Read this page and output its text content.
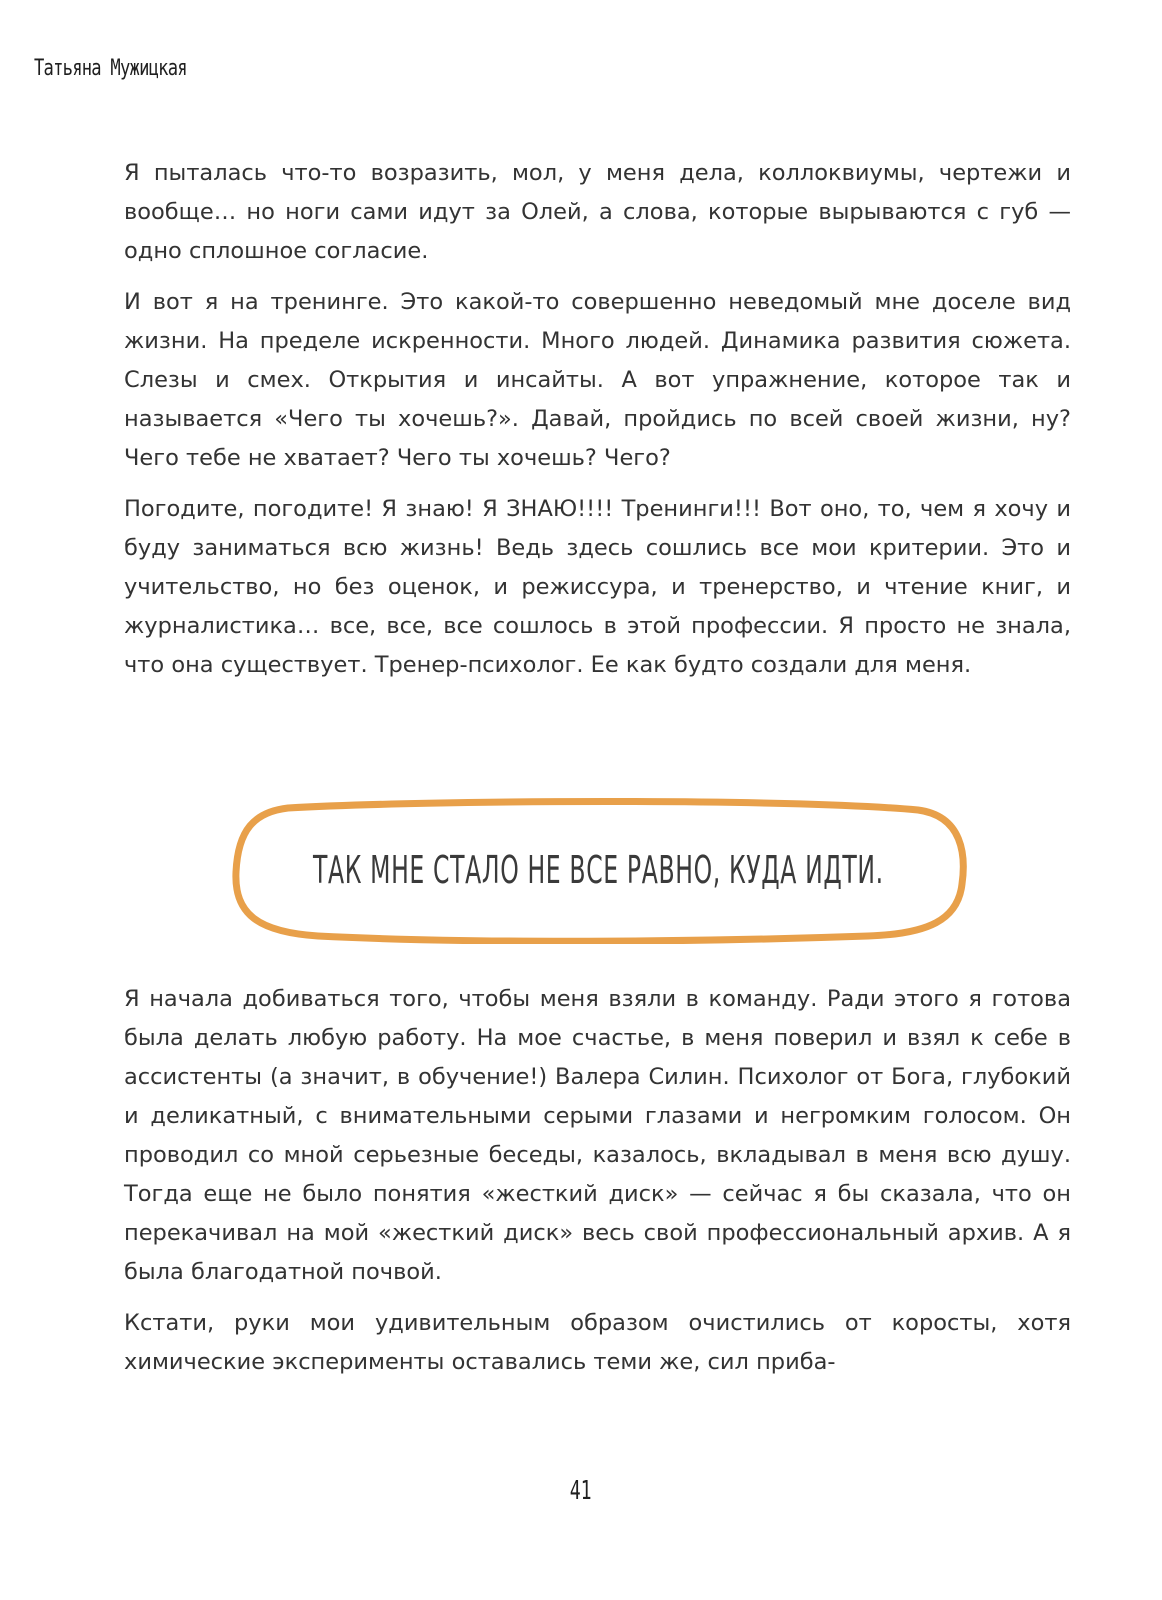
Татьяна Мужицкая

Я пыталась что-то возразить, мол, у меня дела, коллоквиумы, чертежи и вообще… но ноги сами идут за Олей, а слова, которые вырываются с губ — одно сплошное согласие.

И вот я на тренинге. Это какой-то совершенно неведомый мне доселе вид жизни. На пределе искренности. Много людей. Динамика развития сюжета. Слезы и смех. Открытия и инсайты. А вот упражнение, которое так и называется «Чего ты хочешь?». Давай, пройдись по всей своей жизни, ну? Чего тебе не хватает? Чего ты хочешь? Чего?

Погодите, погодите! Я знаю! Я ЗНАЮ!!!! Тренинги!!! Вот оно, то, чем я хочу и буду заниматься всю жизнь! Ведь здесь сошлись все мои критерии. Это и учительство, но без оценок, и режиссура, и тренерство, и чтение книг, и журналистика… все, все, все сошлось в этой профессии. Я просто не знала, что она существует. Тренер-психолог. Ее как будто создали для меня.

ТАК МНЕ СТАЛО НЕ ВСЕ РАВНО, КУДА ИДТИ.

Я начала добиваться того, чтобы меня взяли в команду. Ради этого я готова была делать любую работу. На мое счастье, в меня поверил и взял к себе в ассистенты (а значит, в обучение!) Валера Силин. Психолог от Бога, глубокий и деликатный, с внимательными серыми глазами и негромким голосом. Он проводил со мной серьезные беседы, казалось, вкладывал в меня всю душу. Тогда еще не было понятия «жесткий диск» — сейчас я бы сказала, что он перекачивал на мой «жесткий диск» весь свой профессиональный архив. А я была благодатной почвой.

Кстати, руки мои удивительным образом очистились от коросты, хотя химические эксперименты оставались теми же, сил приба-

41
